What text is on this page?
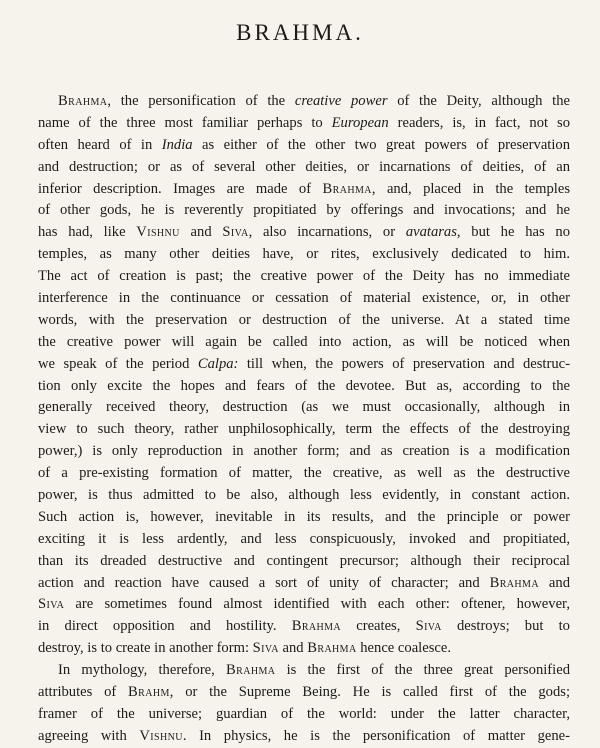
BRAHMA.
Brahma, the personification of the creative power of the Deity, although the
name of the three most familiar perhaps to European readers, is, in fact, not so
often heard of in India as either of the other two great powers of preservation
and destruction; or as of several other deities, or incarnations of deities, of an
inferior description. Images are made of Brahma, and, placed in the temples
of other gods, he is reverently propitiated by offerings and invocations; and he
has had, like Vishnu and Siva, also incarnations, or avataras, but he has no
temples, as many other deities have, or rites, exclusively dedicated to him.
The act of creation is past; the creative power of the Deity has no immediate
interference in the continuance or cessation of material existence, or, in other
words, with the preservation or destruction of the universe. At a stated time
the creative power will again be called into action, as will be noticed when
we speak of the period Calpa: till when, the powers of preservation and destruc-
tion only excite the hopes and fears of the devotee. But as, according to the
generally received theory, destruction (as we must occasionally, although in
view to such theory, rather unphilosophically, term the effects of the destroying
power,) is only reproduction in another form; and as creation is a modification
of a pre-existing formation of matter, the creative, as well as the destructive
power, is thus admitted to be also, although less evidently, in constant action.
Such action is, however, inevitable in its results, and the principle or power
exciting it is less ardently, and less conspicuously, invoked and propitiated,
than its dreaded destructive and contingent precursor; although their reciprocal
action and reaction have caused a sort of unity of character; and Brahma and
Siva are sometimes found almost identified with each other: oftener, however,
in direct opposition and hostility. Brahma creates, Siva destroys; but to
destroy, is to create in another form: Siva and Brahma hence coalesce.
In mythology, therefore, Brahma is the first of the three great personified
attributes of Brahm, or the Supreme Being. He is called first of the gods;
framer of the universe; guardian of the world: under the latter character,
agreeing with Vishnu. In physics, he is the personification of matter gene-
